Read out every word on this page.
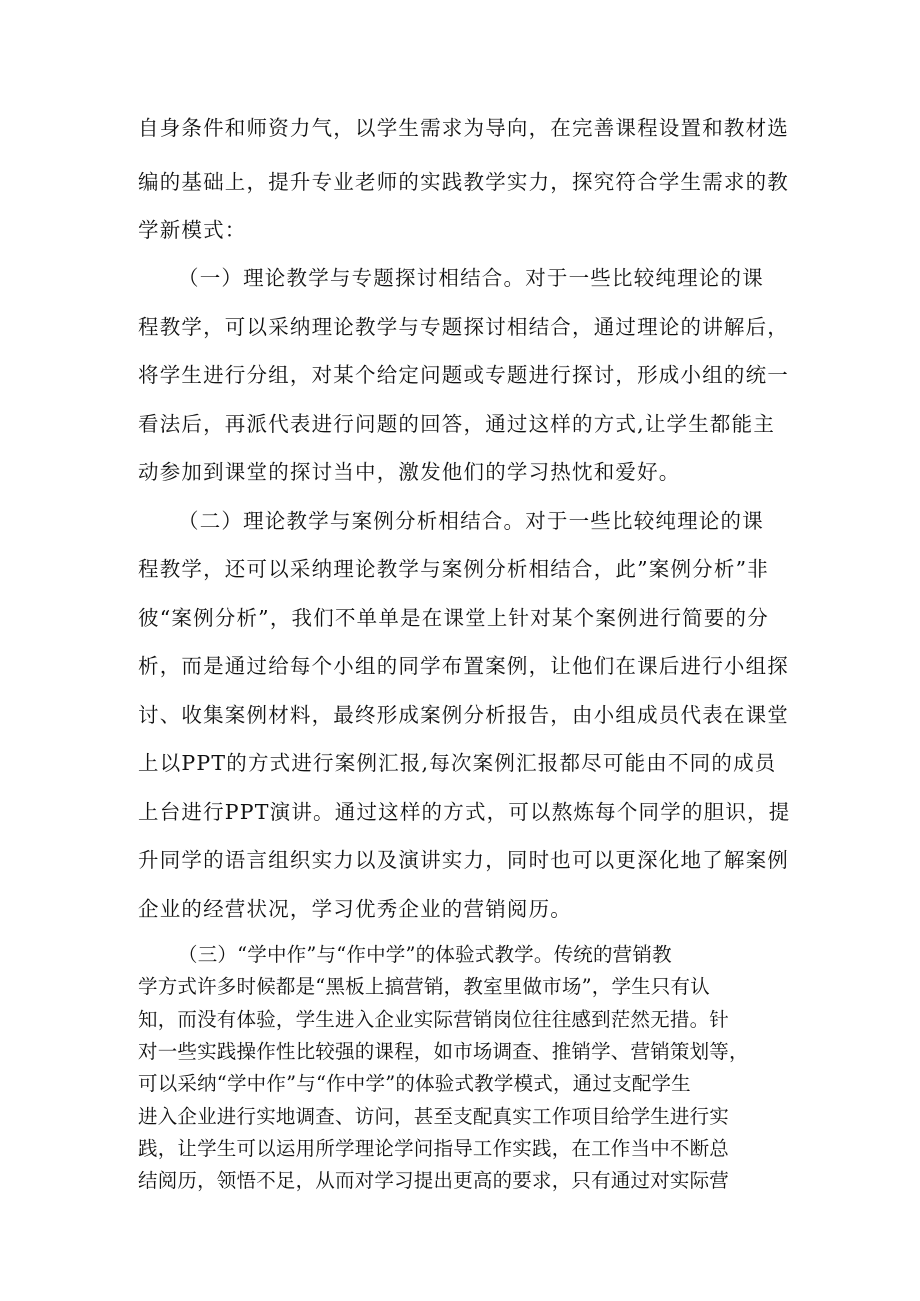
自身条件和师资力气，以学生需求为导向，在完善课程设置和教材选
编的基础上，提升专业老师的实践教学实力，探究符合学生需求的教
学新模式：
（一）理论教学与专题探讨相结合。对于一些比较纯理论的课
程教学，可以采纳理论教学与专题探讨相结合，通过理论的讲解后，
将学生进行分组，对某个给定问题或专题进行探讨，形成小组的统一
看法后，再派代表进行问题的回答，通过这样的方式,让学生都能主
动参加到课堂的探讨当中，激发他们的学习热忱和爱好。
（二）理论教学与案例分析相结合。对于一些比较纯理论的课
程教学，还可以采纳理论教学与案例分析相结合，此”案例分析”非
彼“案例分析”，我们不单单是在课堂上针对某个案例进行简要的分
析，而是通过给每个小组的同学布置案例，让他们在课后进行小组探
讨、收集案例材料，最终形成案例分析报告，由小组成员代表在课堂
上以PPT的方式进行案例汇报,每次案例汇报都尽可能由不同的成员
上台进行PPT演讲。通过这样的方式，可以熬炼每个同学的胆识，提
升同学的语言组织实力以及演讲实力，同时也可以更深化地了解案例
企业的经营状况，学习优秀企业的营销阅历。
（三）“学中作”与“作中学”的体验式教学。传统的营销教
学方式许多时候都是“黑板上搞营销，教室里做市场”，学生只有认
知，而没有体验，学生进入企业实际营销岗位往往感到茫然无措。针
对一些实践操作性比较强的课程，如市场调查、推销学、营销策划等，
可以采纳“学中作”与“作中学”的体验式教学模式，通过支配学生
进入企业进行实地调查、访问，甚至支配真实工作项目给学生进行实
践，让学生可以运用所学理论学问指导工作实践，在工作当中不断总
结阅历，领悟不足，从而对学习提出更高的要求，只有通过对实际营
